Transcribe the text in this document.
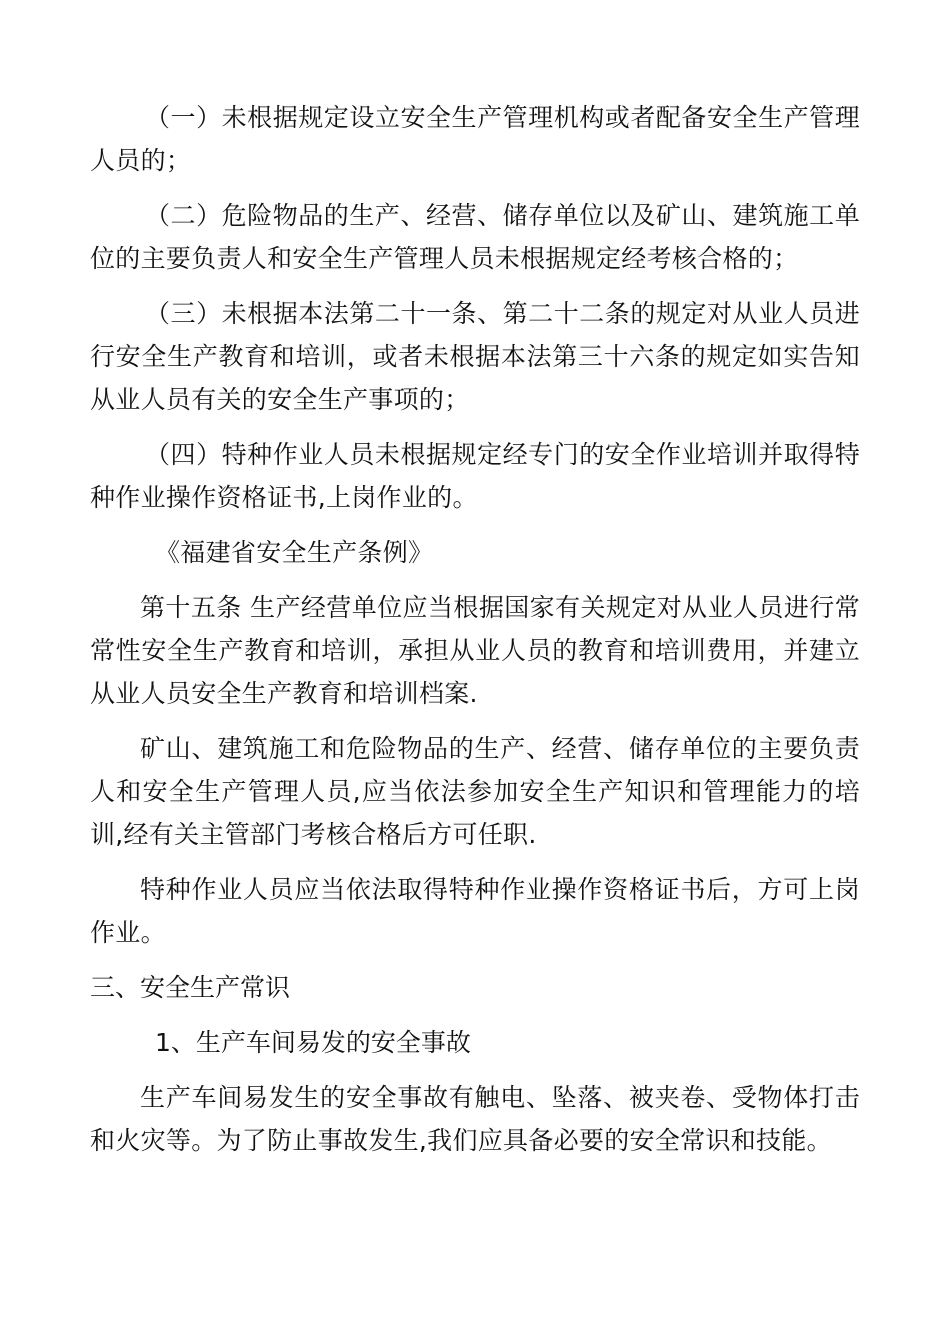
（一）未根据规定设立安全生产管理机构或者配备安全生产管理人员的；

（二）危险物品的生产、经营、储存单位以及矿山、建筑施工单位的主要负责人和安全生产管理人员未根据规定经考核合格的；

（三）未根据本法第二十一条、第二十二条的规定对从业人员进行安全生产教育和培训，或者未根据本法第三十六条的规定如实告知从业人员有关的安全生产事项的；

（四）特种作业人员未根据规定经专门的安全作业培训并取得特种作业操作资格证书,上岗作业的。

《福建省安全生产条例》

第十五条 生产经营单位应当根据国家有关规定对从业人员进行常常性安全生产教育和培训，承担从业人员的教育和培训费用，并建立从业人员安全生产教育和培训档案.

矿山、建筑施工和危险物品的生产、经营、储存单位的主要负责人和安全生产管理人员,应当依法参加安全生产知识和管理能力的培训,经有关主管部门考核合格后方可任职.

特种作业人员应当依法取得特种作业操作资格证书后，方可上岗作业。

三、安全生产常识

1、生产车间易发的安全事故

生产车间易发生的安全事故有触电、坠落、被夹卷、受物体打击和火灾等。为了防止事故发生,我们应具备必要的安全常识和技能。
